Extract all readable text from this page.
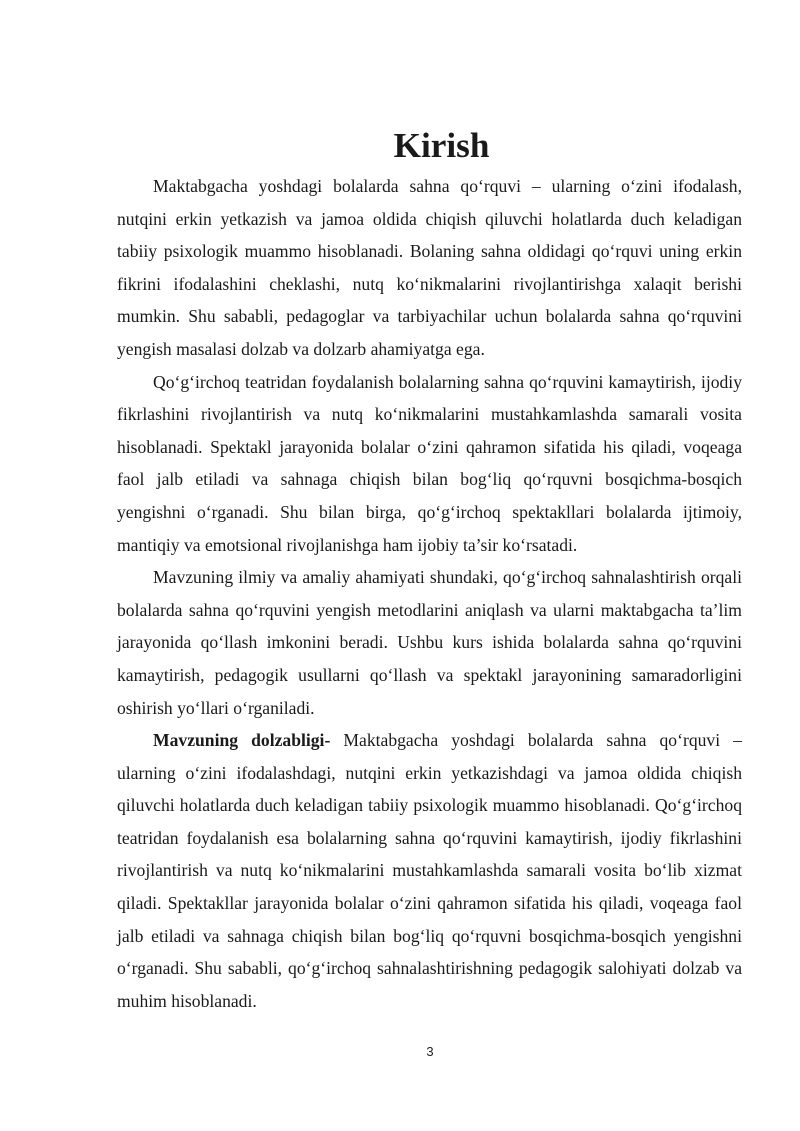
Kirish

Maktabgacha yoshdagi bolalarda sahna qo‘rquvi – ularning o‘zini ifodalash, nutqini erkin yetkazish va jamoa oldida chiqish qiluvchi holatlarda duch keladigan tabiiy psixologik muammo hisoblanadi. Bolaning sahna oldidagi qo‘rquvi uning erkin fikrini ifodalashini cheklashi, nutq ko‘nikmalarini rivojlantirishga xalaqit berishi mumkin. Shu sababli, pedagoglar va tarbiyachilar uchun bolalarda sahna qo‘rquvini yengish masalasi dolzab va dolzarb ahamiyatga ega.

Qo‘g‘irchoq teatridan foydalanish bolalarning sahna qo‘rquvini kamaytirish, ijodiy fikrlashini rivojlantirish va nutq ko‘nikmalarini mustahkamlashda samarali vosita hisoblanadi. Spektakl jarayonida bolalar o‘zini qahramon sifatida his qiladi, voqeaga faol jalb etiladi va sahnaga chiqish bilan bog‘liq qo‘rquvni bosqichma-bosqich yengishni o‘rganadi. Shu bilan birga, qo‘g‘irchoq spektakllari bolalarda ijtimoiy, mantiqiy va emotsional rivojlanishga ham ijobiy ta’sir ko‘rsatadi.

Mavzuning ilmiy va amaliy ahamiyati shundaki, qo‘g‘irchoq sahnalashtirish orqali bolalarda sahna qo‘rquvini yengish metodlarini aniqlash va ularni maktabgacha ta’lim jarayonida qo‘llash imkonini beradi. Ushbu kurs ishida bolalarda sahna qo‘rquvini kamaytirish, pedagogik usullarni qo‘llash va spektakl jarayonining samaradorligini oshirish yo‘llari o‘rganiladi.

Mavzuning dolzabligi- Maktabgacha yoshdagi bolalarda sahna qo‘rquvi – ularning o‘zini ifodalashdagi, nutqini erkin yetkazishdagi va jamoa oldida chiqish qiluvchi holatlarda duch keladigan tabiiy psixologik muammo hisoblanadi. Qo‘g‘irchoq teatridan foydalanish esa bolalarning sahna qo‘rquvini kamaytirish, ijodiy fikrlashini rivojlantirish va nutq ko‘nikmalarini mustahkamlashda samarali vosita bo‘lib xizmat qiladi. Spektakllar jarayonida bolalar o‘zini qahramon sifatida his qiladi, voqeaga faol jalb etiladi va sahnaga chiqish bilan bog‘liq qo‘rquvni bosqichma-bosqich yengishni o‘rganadi. Shu sababli, qo‘g‘irchoq sahnalashtirishning pedagogik salohiyati dolzab va muhim hisoblanadi.

3
